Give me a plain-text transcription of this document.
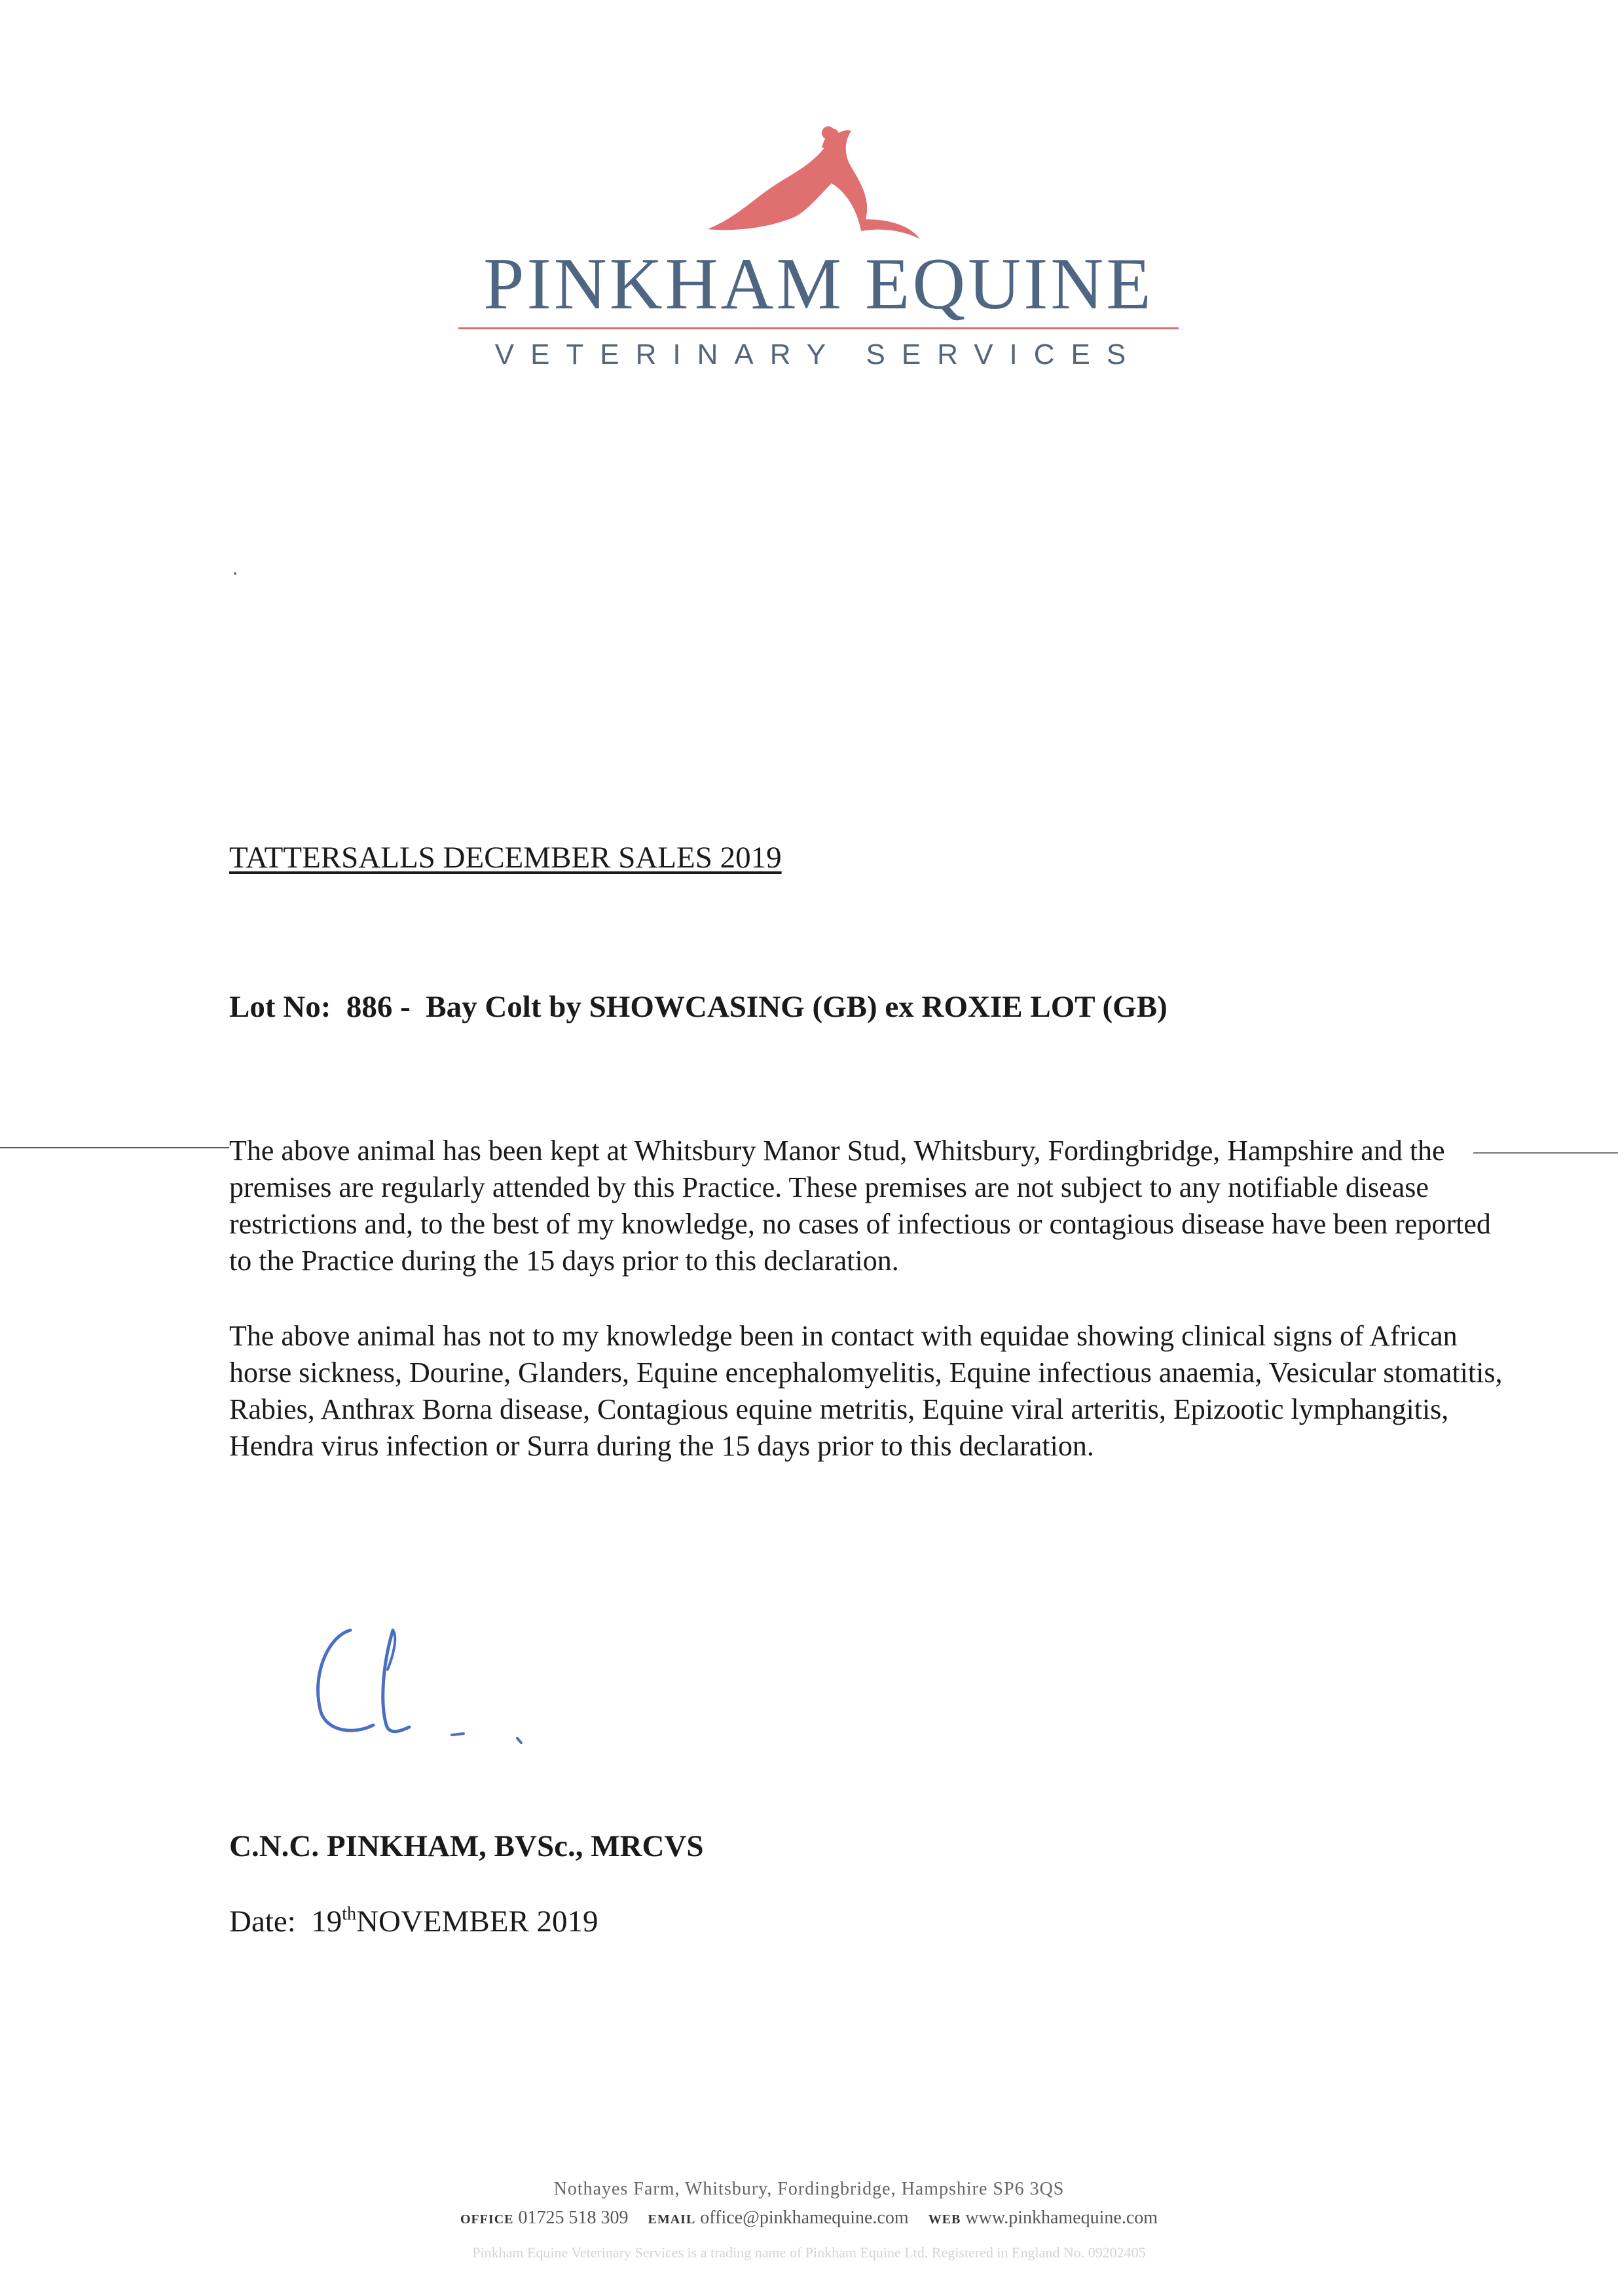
PINKHAM EQUINE
VETERINARY SERVICES
TATTERSALLS DECEMBER SALES 2019
Lot No:  886 -  Bay Colt by SHOWCASING (GB) ex ROXIE LOT (GB)

The above animal has been kept at Whitsbury Manor Stud, Whitsbury, Fordingbridge, Hampshire and the premises are regularly attended by this Practice. These premises are not subject to any notifiable disease restrictions and, to the best of my knowledge, no cases of infectious or contagious disease have been reported to the Practice during the 15 days prior to this declaration.

The above animal has not to my knowledge been in contact with equidae showing clinical signs of African horse sickness, Dourine, Glanders, Equine encephalomyelitis, Equine infectious anaemia, Vesicular stomatitis, Rabies, Anthrax Borna disease, Contagious equine metritis, Equine viral arteritis, Epizootic lymphangitis, Hendra virus infection or Surra during the 15 days prior to this declaration.

C.N.C. PINKHAM, BVSc., MRCVS
Date: 19thNOVEMBER 2019
Nothayes Farm, Whitsbury, Fordingbridge, Hampshire SP6 3QS
OFFICE 01725 518 309 EMAIL office@pinkhamequine.com WEB www.pinkhamequine.com
Pinkham Equine Veterinary Services is a trading name of Pinkham Equine Ltd. Registered in England No. 09202405
